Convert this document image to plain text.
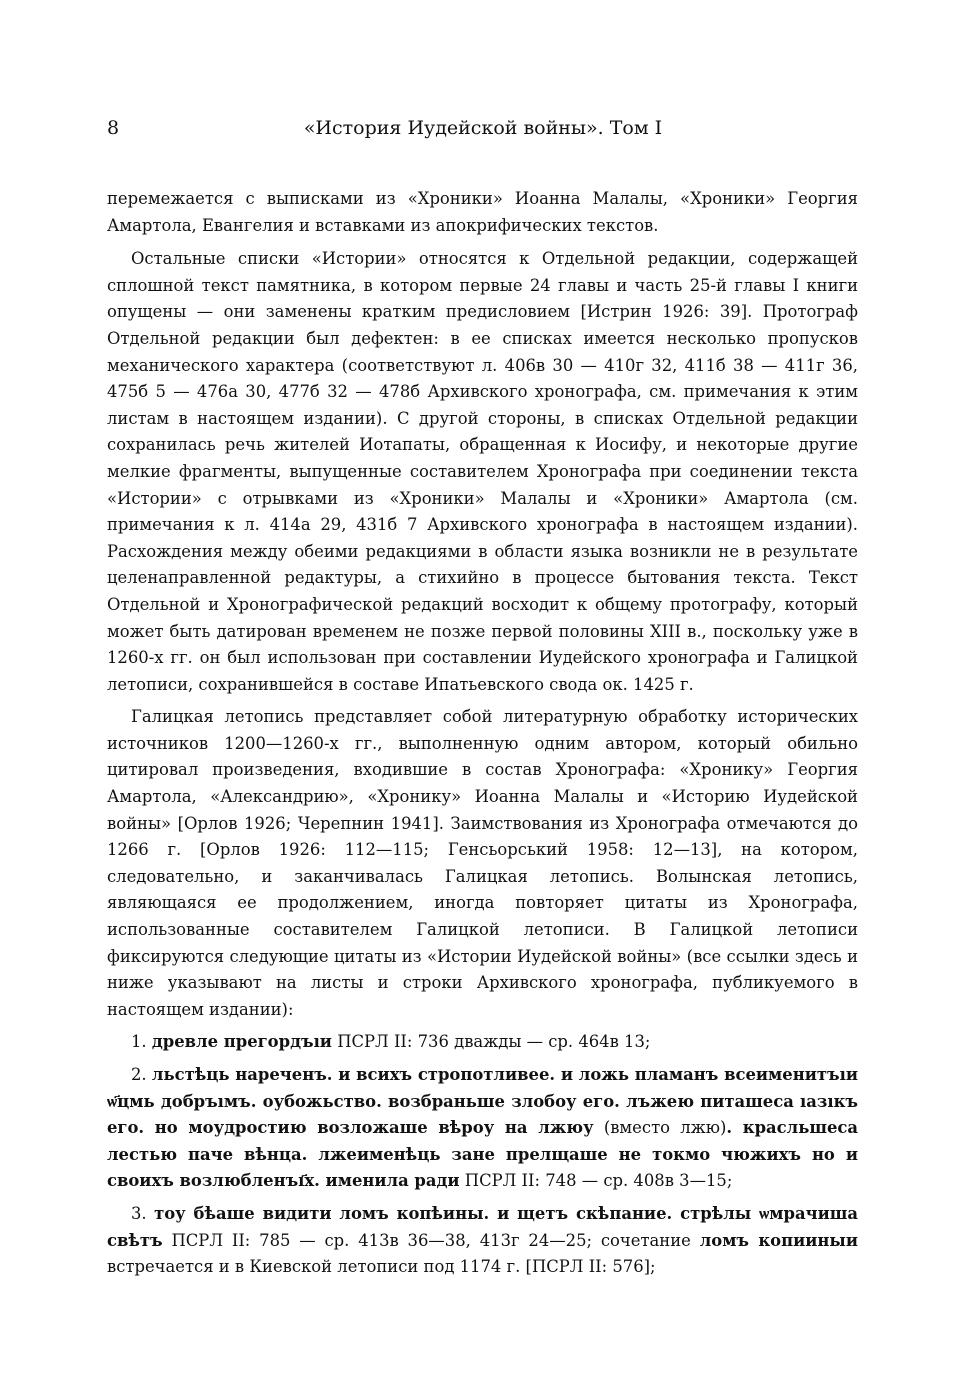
8	«История Иудейской войны». Том I

перемежается с выписками из «Хроники» Иоанна Малалы, «Хроники» Георгия Амартола, Евангелия и вставками из апокрифических текстов.

Остальные списки «Истории» относятся к Отдельной редакции, содержащей сплошной текст памятника, в котором первые 24 главы и часть 25-й главы I книги опущены — они заменены кратким предисловием [Истрин 1926: 39]. Протограф Отдельной редакции был дефектен: в ее списках имеется несколько пропусков механического характера (соответствуют л. 406в 30 — 410г 32, 411б 38 — 411г 36, 475б 5 — 476а 30, 477б 32 — 478б Архивского хронографа, см. примечания к этим листам в настоящем издании). С другой стороны, в списках Отдельной редакции сохранилась речь жителей Иотапаты, обращенная к Иосифу, и некоторые другие мелкие фрагменты, выпущенные составителем Хронографа при соединении текста «Истории» с отрывками из «Хроники» Малалы и «Хроники» Амартола (см. примечания к л. 414а 29, 431б 7 Архивского хронографа в настоящем издании). Расхождения между обеими редакциями в области языка возникли не в результате целенаправленной редактуры, а стихийно в процессе бытования текста. Текст Отдельной и Хронографической редакций восходит к общему протографу, который может быть датирован временем не позже первой половины XIII в., поскольку уже в 1260-х гг. он был использован при составлении Иудейского хронографа и Галицкой летописи, сохранившейся в составе Ипатьевского свода ок. 1425 г.

Галицкая летопись представляет собой литературную обработку исторических источников 1200—1260-х гг., выполненную одним автором, который обильно цитировал произведения, входившие в состав Хронографа: «Хронику» Георгия Амартола, «Александрию», «Хронику» Иоанна Малалы и «Историю Иудейской войны» [Орлов 1926; Черепнин 1941]. Заимствования из Хронографа отмечаются до 1266 г. [Орлов 1926: 112—115; Генсьорський 1958: 12—13], на котором, следовательно, и заканчивалась Галицкая летопись. Волынская летопись, являющаяся ее продолжением, иногда повторяет цитаты из Хронографа, использованные составителем Галицкой летописи. В Галицкой летописи фиксируются следующие цитаты из «Истории Иудейской войны» (все ссылки здесь и ниже указывают на листы и строки Архивского хронографа, публикуемого в настоящем издании):

1. древле прегордъıи ПСРЛ II: 736 дважды — ср. 464в 13;

2. льстѣць нареченъ. и всихъ стропотливее. и ложь пламанъ всеименитъıи ѡ҃цмь добръıмъ. оубожьство. возбраньше злобоу его. лъжею питашеса ıазıкъ его. но моудростию возложаше вѣроу на лжюу (вместо лжю). красльшеса лестью паче вѣнца. лжеименѣць зане прелщаше не токмо чюжихъ но и своихъ возлюбленъı҃х. именила ради ПСРЛ II: 748 — ср. 408в 3—15;

3. тоу бѣаше видити ломъ копѣины. и щетъ скѣпание. стрѣлы ѡмрачиша свѣтъ ПСРЛ II: 785 — ср. 413в 36—38, 413г 24—25; сочетание ломъ копииныи встречается и в Киевской летописи под 1174 г. [ПСРЛ II: 576];
